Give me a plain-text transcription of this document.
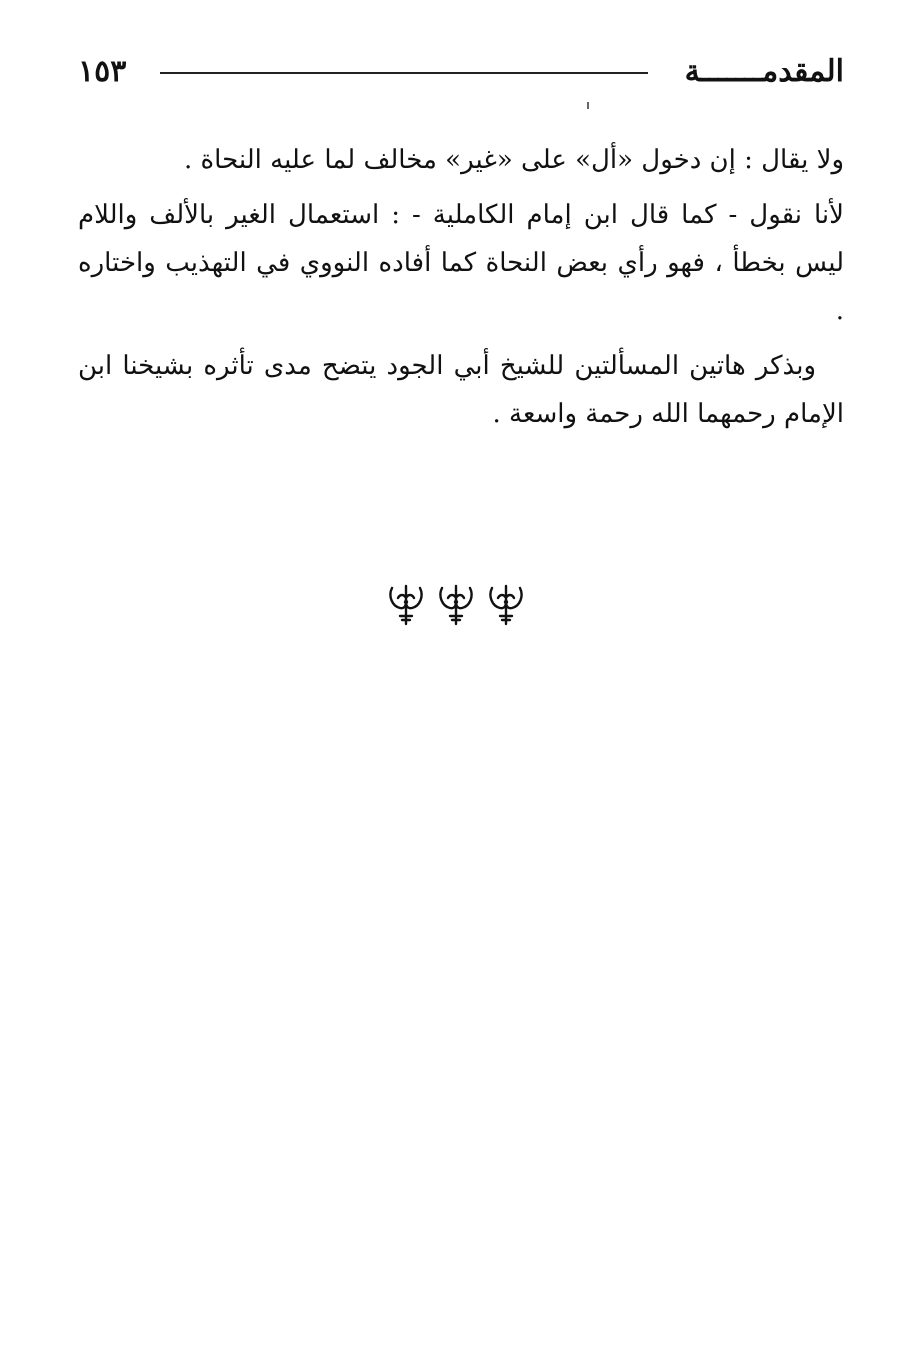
١٥٣	المقدمـــــــة

ولا يقال : إن دخول «أل» على «غير» مخالف لما عليه النحاة .

لأنا نقول - كما قال ابن إمام الكاملية - : استعمال الغير بالألف واللام ليس بخطأ ، فهو رأي بعض النحاة كما أفاده النووي في التهذيب واختاره .

وبذكر هاتين المسألتين للشيخ أبي الجود يتضح مدى تأثره بشيخنا ابن الإمام رحمهما الله رحمة واسعة .
